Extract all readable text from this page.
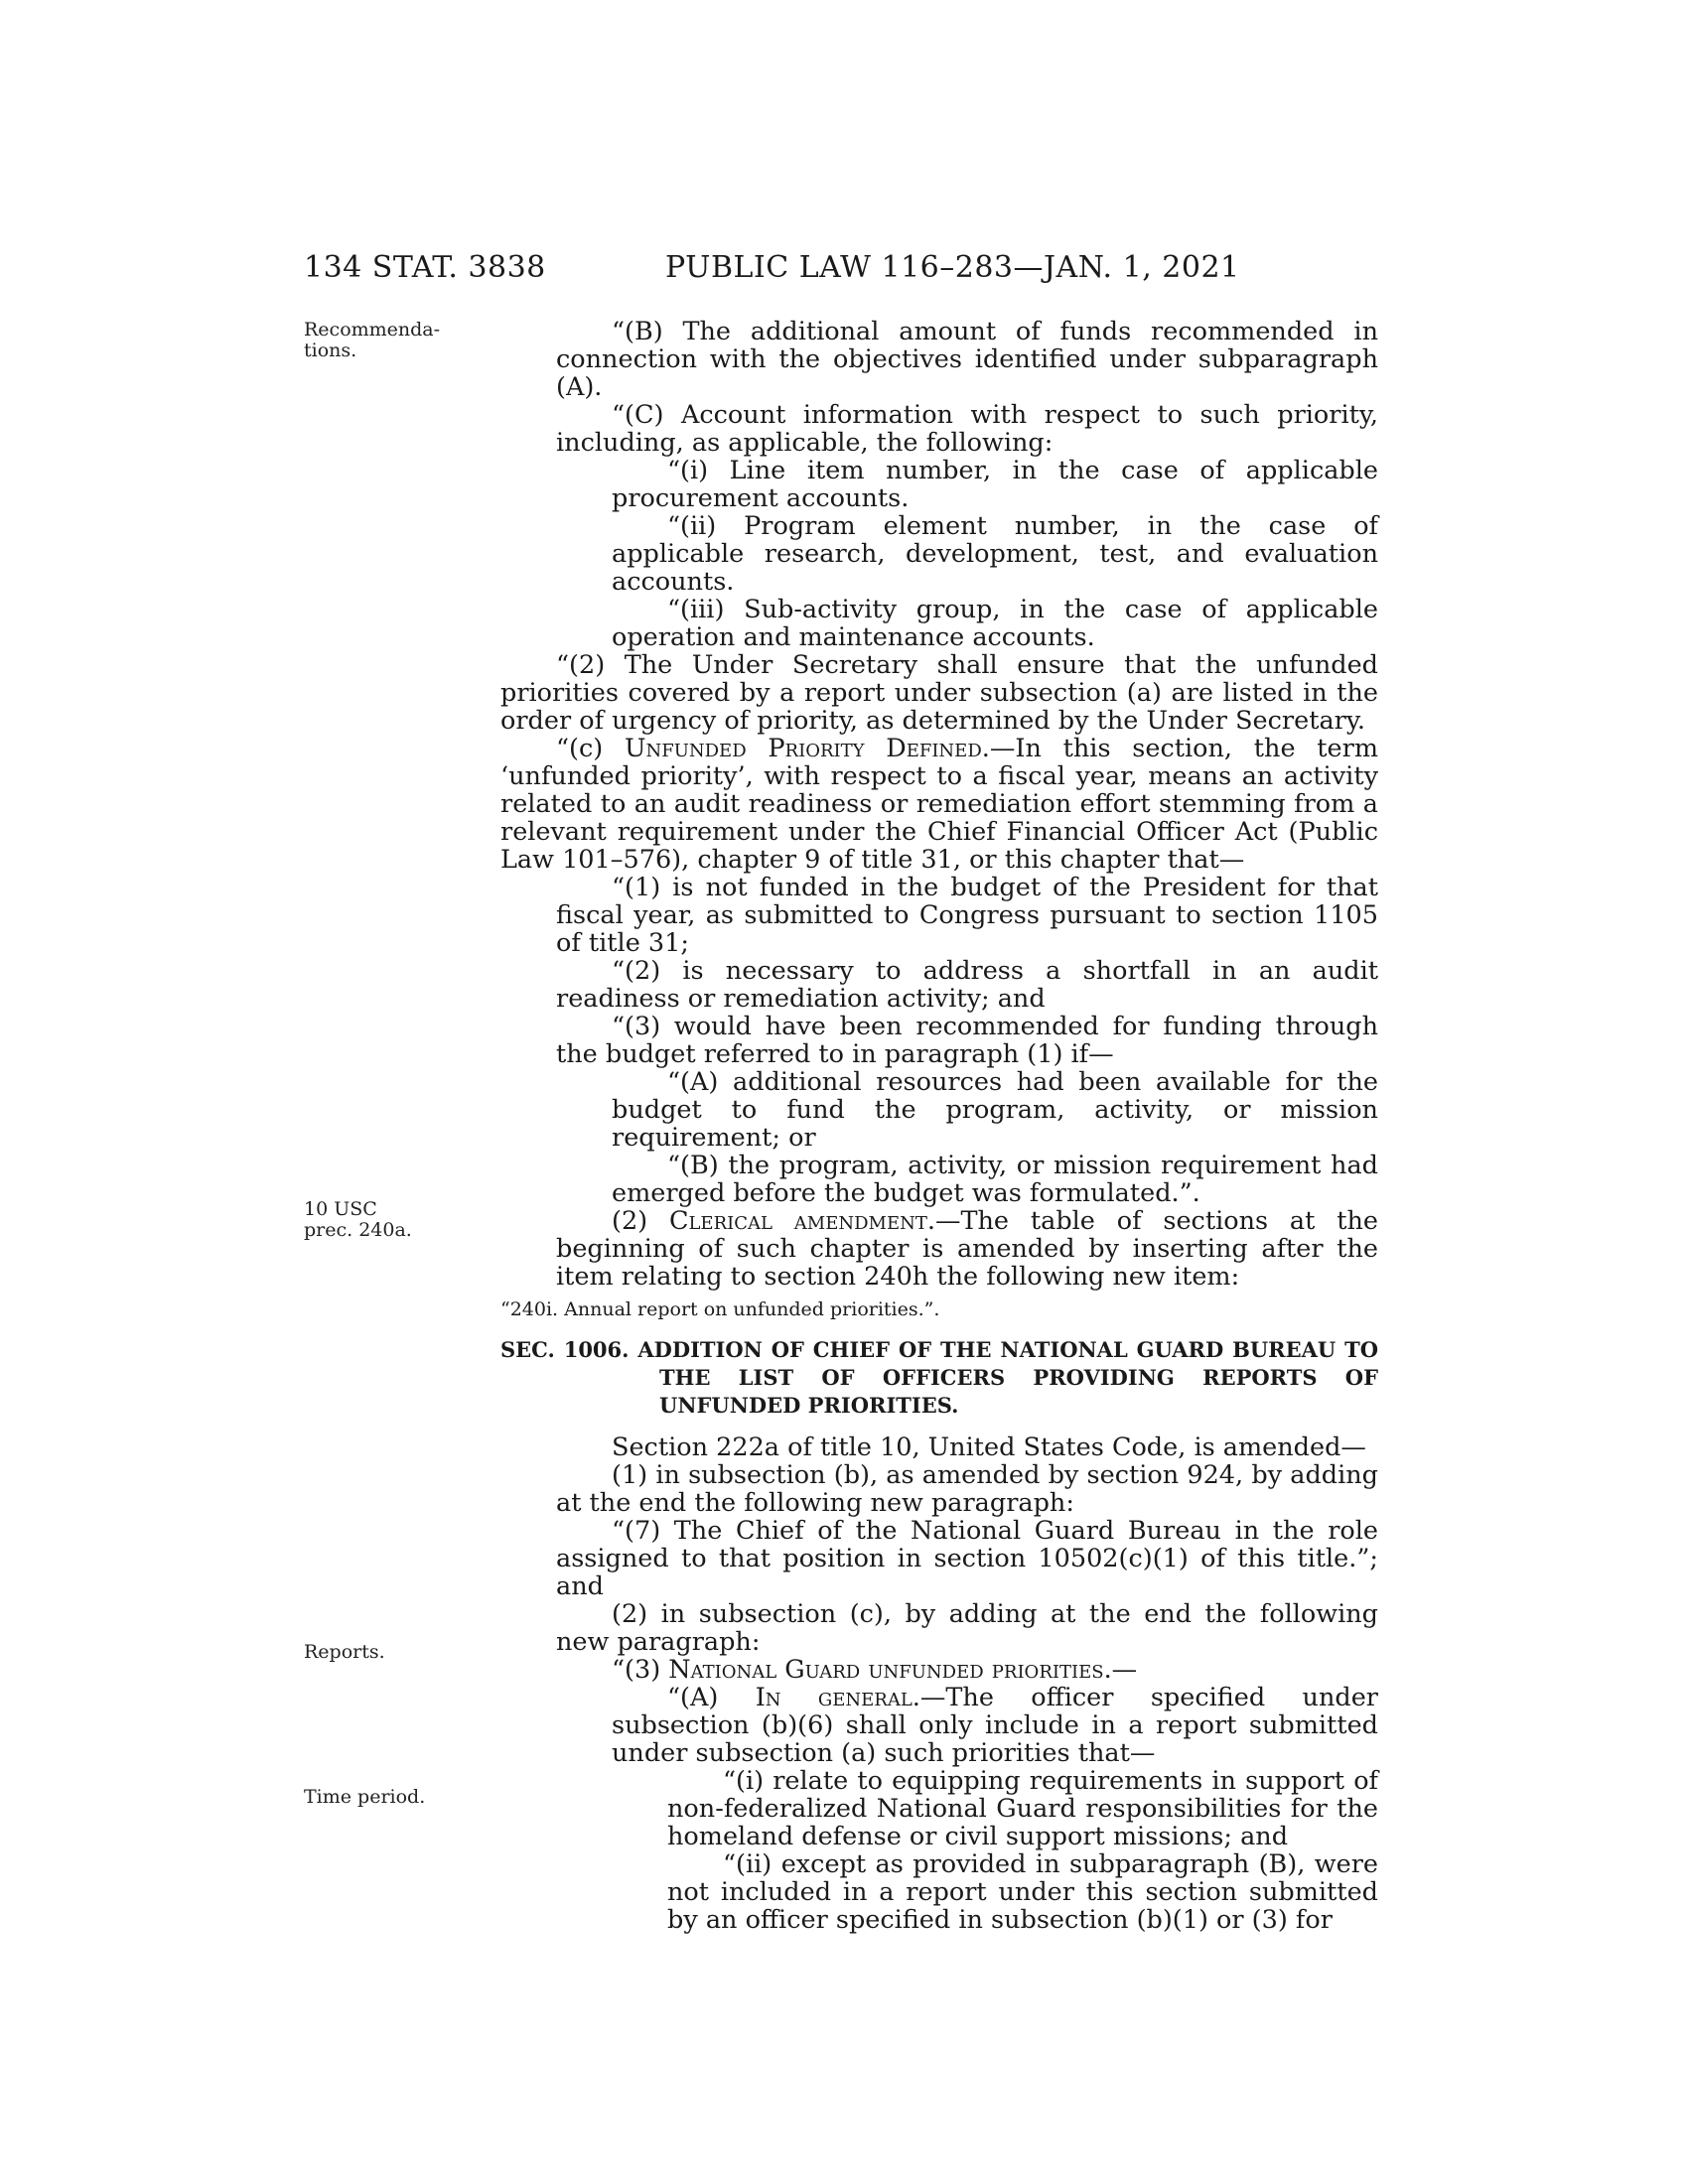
134 STAT. 3838	PUBLIC LAW 116–283—JAN. 1, 2021
Recommenda-
tions.
10 USC
prec. 240a.
Reports.
Time period.

“(B) The additional amount of funds recommended in connection with the objectives identified under subparagraph (A).

“(C) Account information with respect to such priority, including, as applicable, the following:

“(i) Line item number, in the case of applicable procurement accounts.

“(ii) Program element number, in the case of applicable research, development, test, and evaluation accounts.

“(iii) Sub-activity group, in the case of applicable operation and maintenance accounts.

“(2) The Under Secretary shall ensure that the unfunded priorities covered by a report under subsection (a) are listed in the order of urgency of priority, as determined by the Under Secretary.

“(c) Unfunded Priority Defined.—In this section, the term ‘unfunded priority’, with respect to a fiscal year, means an activity related to an audit readiness or remediation effort stemming from a relevant requirement under the Chief Financial Officer Act (Public Law 101–576), chapter 9 of title 31, or this chapter that—

“(1) is not funded in the budget of the President for that fiscal year, as submitted to Congress pursuant to section 1105 of title 31;

“(2) is necessary to address a shortfall in an audit readiness or remediation activity; and

“(3) would have been recommended for funding through the budget referred to in paragraph (1) if—

“(A) additional resources had been available for the budget to fund the program, activity, or mission requirement; or

“(B) the program, activity, or mission requirement had emerged before the budget was formulated.”.

(2) Clerical amendment.—The table of sections at the beginning of such chapter is amended by inserting after the item relating to section 240h the following new item:

“240i. Annual report on unfunded priorities.”.

SEC. 1006. ADDITION OF CHIEF OF THE NATIONAL GUARD BUREAU TO THE LIST OF OFFICERS PROVIDING REPORTS OF UNFUNDED PRIORITIES.

Section 222a of title 10, United States Code, is amended—

(1) in subsection (b), as amended by section 924, by adding at the end the following new paragraph:

“(7) The Chief of the National Guard Bureau in the role assigned to that position in section 10502(c)(1) of this title.”; and

(2) in subsection (c), by adding at the end the following new paragraph:

“(3) National Guard unfunded priorities.—

“(A) In general.—The officer specified under subsection (b)(6) shall only include in a report submitted under subsection (a) such priorities that—

“(i) relate to equipping requirements in support of non-federalized National Guard responsibilities for the homeland defense or civil support missions; and

“(ii) except as provided in subparagraph (B), were not included in a report under this section submitted by an officer specified in subsection (b)(1) or (3) for
